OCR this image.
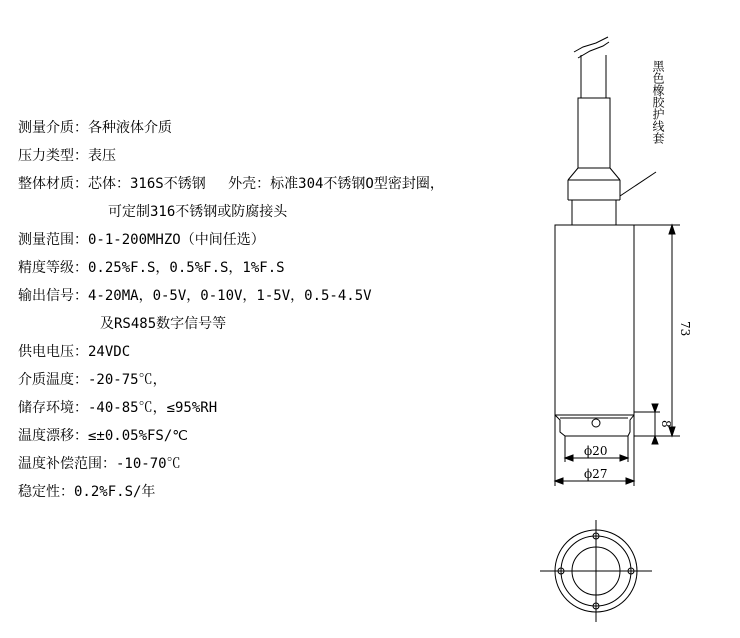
测量介质：各种液体介质
压力类型：表压
整体材质：芯体：316S不锈钢　 外壳：标准304不锈钢O型密封圈，
可定制316不锈钢或防腐接头
测量范围：0-1-200MHZO（中间任选）
精度等级：0.25%F.S，0.5%F.S，1%F.S
输出信号：4-20MA，0-5V，0-10V，1-5V，0.5-4.5V
及RS485数字信号等
供电电压：24VDC
介质温度：-20-75℃，
储存环境：-40-85℃，≤95%RH
温度漂移：≤±0.05%FS/℃
温度补偿范围：-10-70℃
稳定性：0.2%F.S/年
黑色橡胶护线套
73
8
ϕ20
ϕ27
